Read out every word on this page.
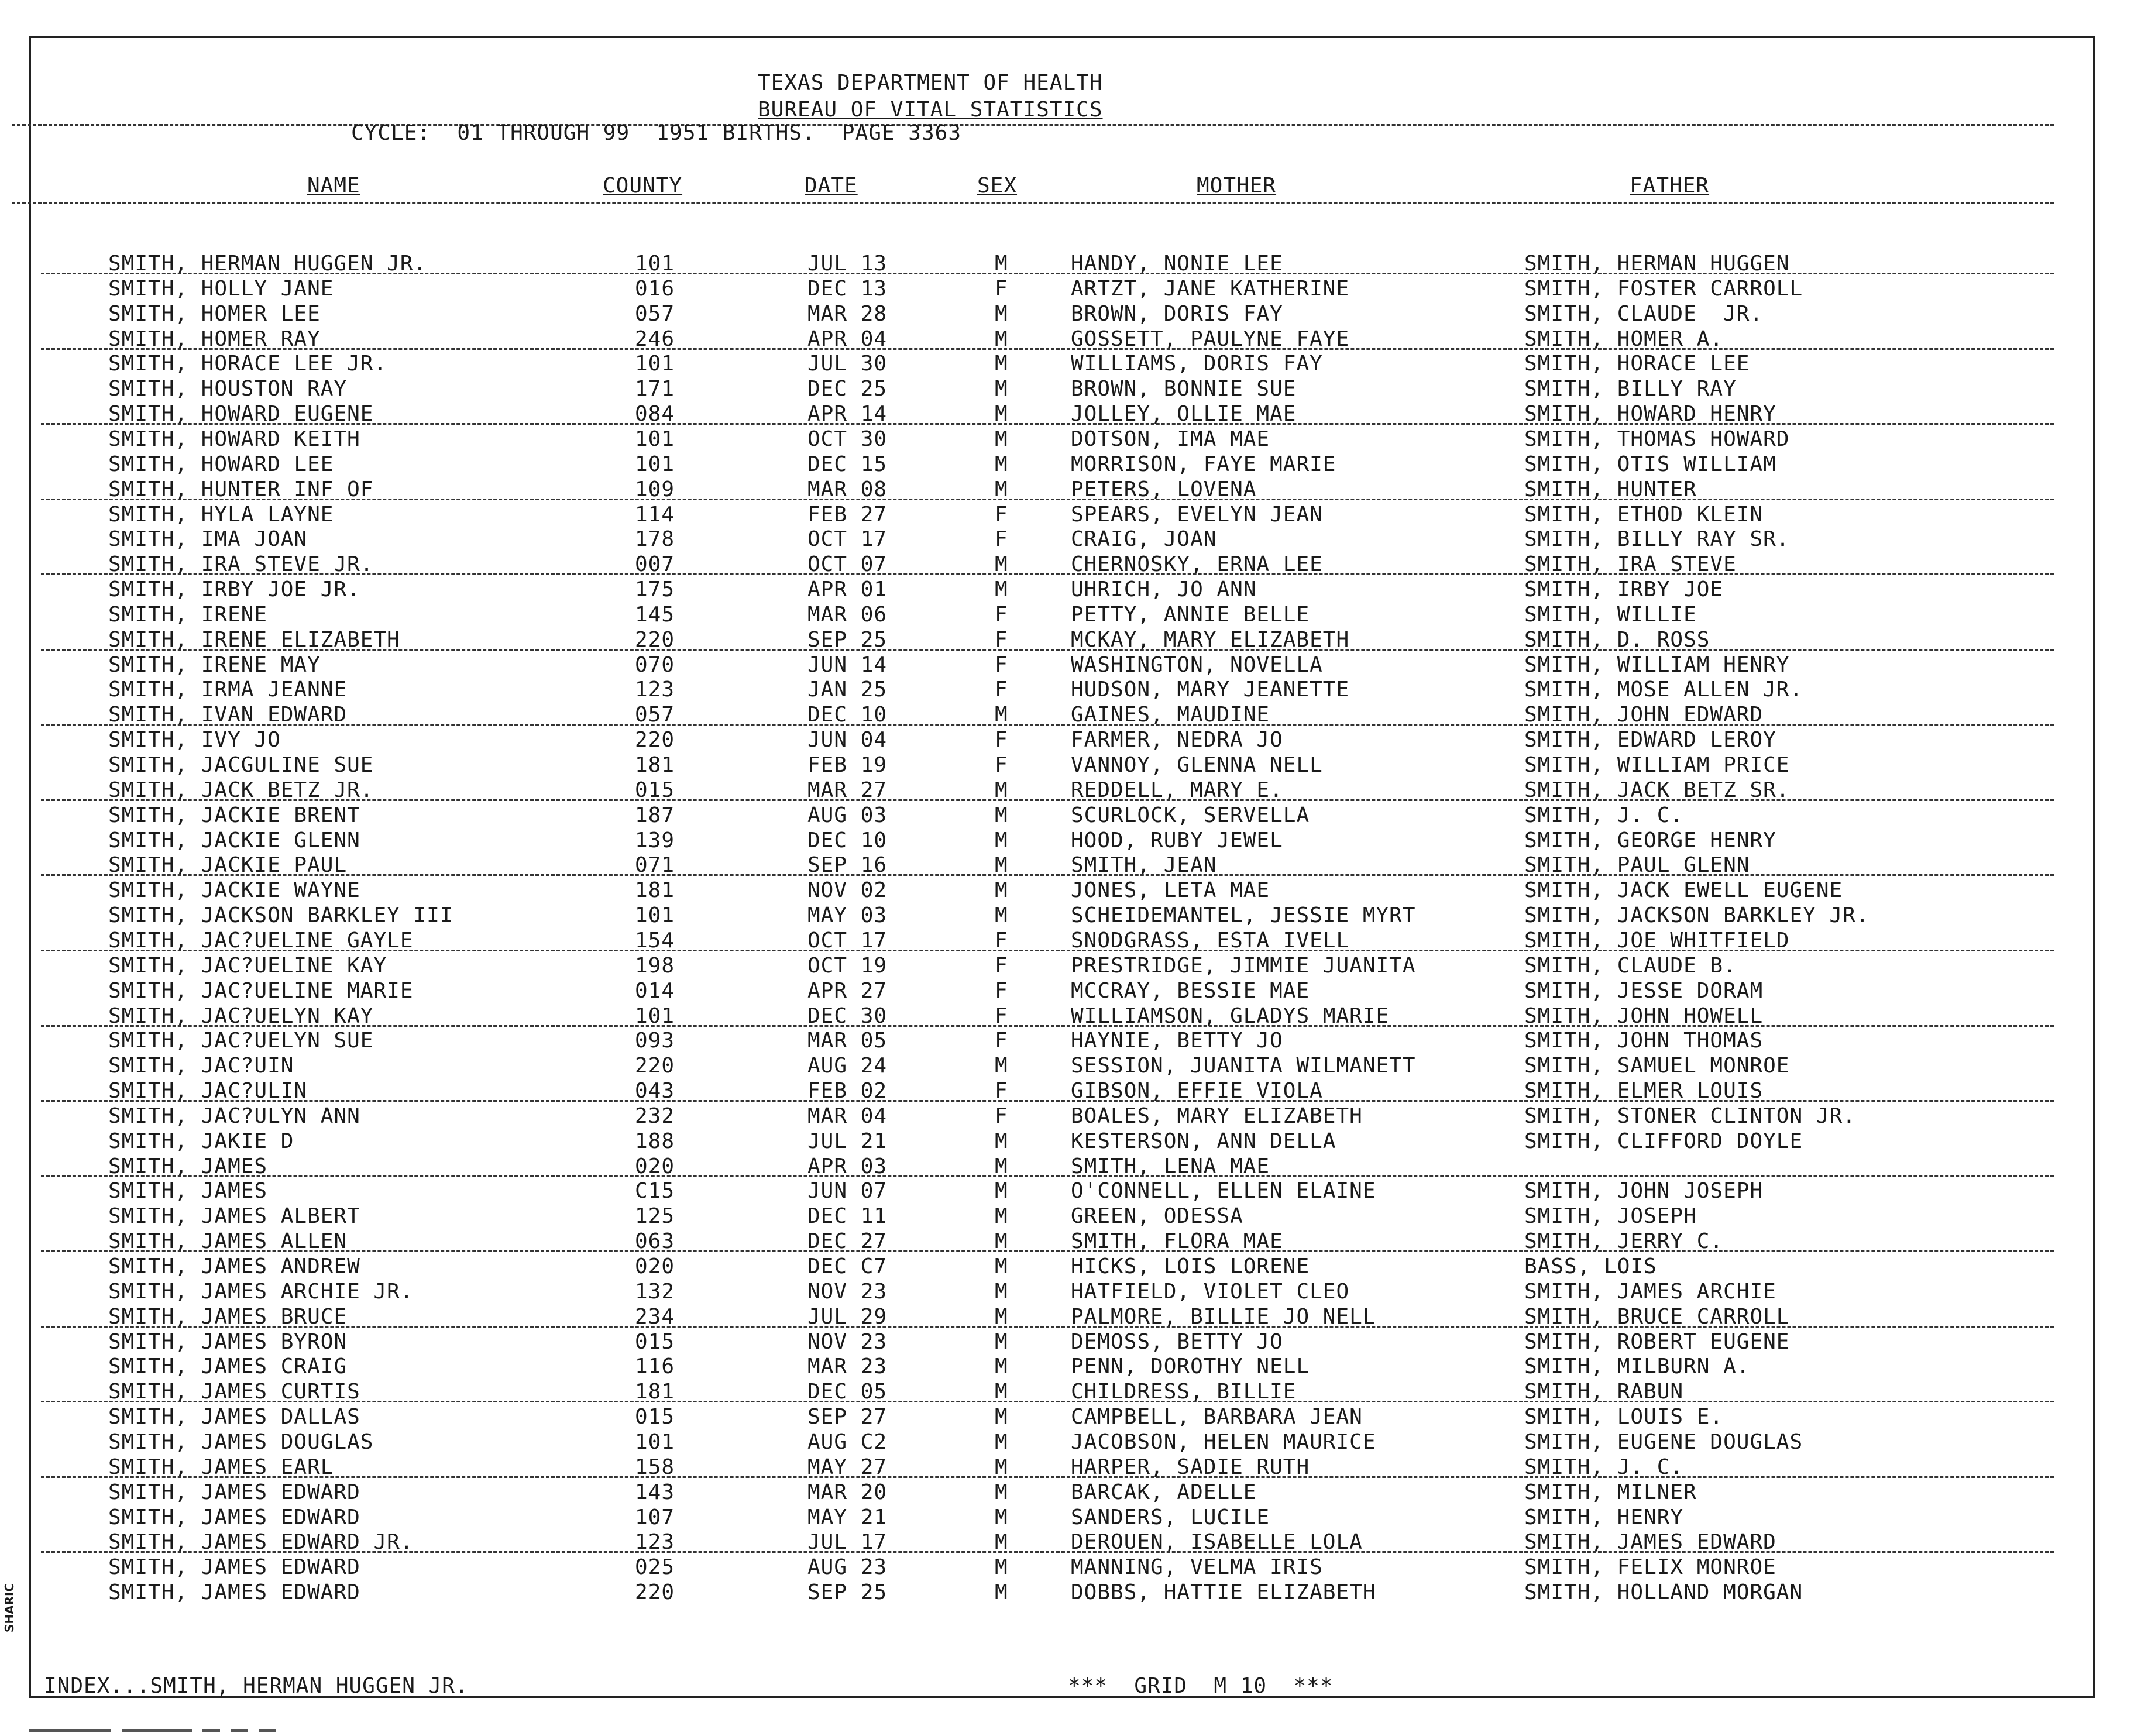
TEXAS DEPARTMENT OF HEALTH
BUREAU OF VITAL STATISTICS
CYCLE:  01 THROUGH 99  1951 BIRTHS.  PAGE 3363
NAME	COUNTY	DATE	SEX	MOTHER	FATHER
SMITH, HERMAN HUGGEN JR.	101	JUL 13	M	HANDY, NONIE LEE	SMITH, HERMAN HUGGEN
SMITH, HOLLY JANE	016	DEC 13	F	ARTZT, JANE KATHERINE	SMITH, FOSTER CARROLL
SMITH, HOMER LEE	057	MAR 28	M	BROWN, DORIS FAY	SMITH, CLAUDE  JR.
SMITH, HOMER RAY	246	APR 04	M	GOSSETT, PAULYNE FAYE	SMITH, HOMER A.
SMITH, HORACE LEE JR.	101	JUL 30	M	WILLIAMS, DORIS FAY	SMITH, HORACE LEE
SMITH, HOUSTON RAY	171	DEC 25	M	BROWN, BONNIE SUE	SMITH, BILLY RAY
SMITH, HOWARD EUGENE	084	APR 14	M	JOLLEY, OLLIE MAE	SMITH, HOWARD HENRY
SMITH, HOWARD KEITH	101	OCT 30	M	DOTSON, IMA MAE	SMITH, THOMAS HOWARD
SMITH, HOWARD LEE	101	DEC 15	M	MORRISON, FAYE MARIE	SMITH, OTIS WILLIAM
SMITH, HUNTER INF OF	109	MAR 08	M	PETERS, LOVENA	SMITH, HUNTER
SMITH, HYLA LAYNE	114	FEB 27	F	SPEARS, EVELYN JEAN	SMITH, ETHOD KLEIN
SMITH, IMA JOAN	178	OCT 17	F	CRAIG, JOAN	SMITH, BILLY RAY SR.
SMITH, IRA STEVE JR.	007	OCT 07	M	CHERNOSKY, ERNA LEE	SMITH, IRA STEVE
SMITH, IRBY JOE JR.	175	APR 01	M	UHRICH, JO ANN	SMITH, IRBY JOE
SMITH, IRENE	145	MAR 06	F	PETTY, ANNIE BELLE	SMITH, WILLIE
SMITH, IRENE ELIZABETH	220	SEP 25	F	MCKAY, MARY ELIZABETH	SMITH, D. ROSS
SMITH, IRENE MAY	070	JUN 14	F	WASHINGTON, NOVELLA	SMITH, WILLIAM HENRY
SMITH, IRMA JEANNE	123	JAN 25	F	HUDSON, MARY JEANETTE	SMITH, MOSE ALLEN JR.
SMITH, IVAN EDWARD	057	DEC 10	M	GAINES, MAUDINE	SMITH, JOHN EDWARD
SMITH, IVY JO	220	JUN 04	F	FARMER, NEDRA JO	SMITH, EDWARD LEROY
SMITH, JACGULINE SUE	181	FEB 19	F	VANNOY, GLENNA NELL	SMITH, WILLIAM PRICE
SMITH, JACK BETZ JR.	015	MAR 27	M	REDDELL, MARY E.	SMITH, JACK BETZ SR.
SMITH, JACKIE BRENT	187	AUG 03	M	SCURLOCK, SERVELLA	SMITH, J. C.
SMITH, JACKIE GLENN	139	DEC 10	M	HOOD, RUBY JEWEL	SMITH, GEORGE HENRY
SMITH, JACKIE PAUL	071	SEP 16	M	SMITH, JEAN	SMITH, PAUL GLENN
SMITH, JACKIE WAYNE	181	NOV 02	M	JONES, LETA MAE	SMITH, JACK EWELL EUGENE
SMITH, JACKSON BARKLEY III	101	MAY 03	M	SCHEIDEMANTEL, JESSIE MYRT	SMITH, JACKSON BARKLEY JR.
SMITH, JAC?UELINE GAYLE	154	OCT 17	F	SNODGRASS, ESTA IVELL	SMITH, JOE WHITFIELD
SMITH, JAC?UELINE KAY	198	OCT 19	F	PRESTRIDGE, JIMMIE JUANITA	SMITH, CLAUDE B.
SMITH, JAC?UELINE MARIE	014	APR 27	F	MCCRAY, BESSIE MAE	SMITH, JESSE DORAM
SMITH, JAC?UELYN KAY	101	DEC 30	F	WILLIAMSON, GLADYS MARIE	SMITH, JOHN HOWELL
SMITH, JAC?UELYN SUE	093	MAR 05	F	HAYNIE, BETTY JO	SMITH, JOHN THOMAS
SMITH, JAC?UIN	220	AUG 24	M	SESSION, JUANITA WILMANETT	SMITH, SAMUEL MONROE
SMITH, JAC?ULIN	043	FEB 02	F	GIBSON, EFFIE VIOLA	SMITH, ELMER LOUIS
SMITH, JAC?ULYN ANN	232	MAR 04	F	BOALES, MARY ELIZABETH	SMITH, STONER CLINTON JR.
SMITH, JAKIE D	188	JUL 21	M	KESTERSON, ANN DELLA	SMITH, CLIFFORD DOYLE
SMITH, JAMES	020	APR 03	M	SMITH, LENA MAE
SMITH, JAMES	C15	JUN 07	M	O'CONNELL, ELLEN ELAINE	SMITH, JOHN JOSEPH
SMITH, JAMES ALBERT	125	DEC 11	M	GREEN, ODESSA	SMITH, JOSEPH
SMITH, JAMES ALLEN	063	DEC 27	M	SMITH, FLORA MAE	SMITH, JERRY C.
SMITH, JAMES ANDREW	020	DEC C7	M	HICKS, LOIS LORENE	BASS, LOIS
SMITH, JAMES ARCHIE JR.	132	NOV 23	M	HATFIELD, VIOLET CLEO	SMITH, JAMES ARCHIE
SMITH, JAMES BRUCE	234	JUL 29	M	PALMORE, BILLIE JO NELL	SMITH, BRUCE CARROLL
SMITH, JAMES BYRON	015	NOV 23	M	DEMOSS, BETTY JO	SMITH, ROBERT EUGENE
SMITH, JAMES CRAIG	116	MAR 23	M	PENN, DOROTHY NELL	SMITH, MILBURN A.
SMITH, JAMES CURTIS	181	DEC 05	M	CHILDRESS, BILLIE	SMITH, RABUN
SMITH, JAMES DALLAS	015	SEP 27	M	CAMPBELL, BARBARA JEAN	SMITH, LOUIS E.
SMITH, JAMES DOUGLAS	101	AUG C2	M	JACOBSON, HELEN MAURICE	SMITH, EUGENE DOUGLAS
SMITH, JAMES EARL	158	MAY 27	M	HARPER, SADIE RUTH	SMITH, J. C.
SMITH, JAMES EDWARD	143	MAR 20	M	BARCAK, ADELLE	SMITH, MILNER
SMITH, JAMES EDWARD	107	MAY 21	M	SANDERS, LUCILE	SMITH, HENRY
SMITH, JAMES EDWARD JR.	123	JUL 17	M	DEROUEN, ISABELLE LOLA	SMITH, JAMES EDWARD
SMITH, JAMES EDWARD	025	AUG 23	M	MANNING, VELMA IRIS	SMITH, FELIX MONROE
SMITH, JAMES EDWARD	220	SEP 25	M	DOBBS, HATTIE ELIZABETH	SMITH, HOLLAND MORGAN
INDEX...SMITH, HERMAN HUGGEN JR.	***  GRID  M 10  ***
SHARIC
